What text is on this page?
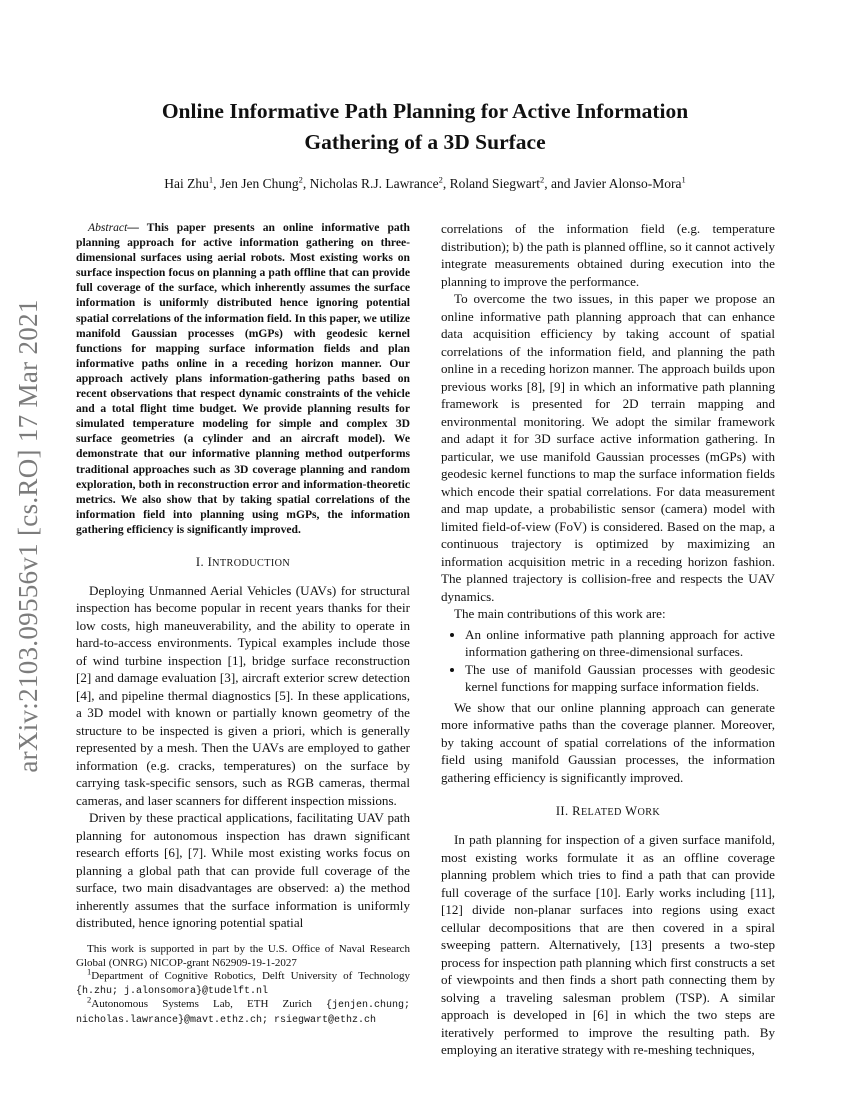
arXiv:2103.09556v1 [cs.RO] 17 Mar 2021
Online Informative Path Planning for Active Information
Gathering of a 3D Surface
Hai Zhu$^1$, Jen Jen Chung$^2$, Nicholas R.J. Lawrance$^2$, Roland Siegwart$^2$, and Javier Alonso-Mora$^1$

Abstract— This paper presents an online informative path planning approach for active information gathering on three-dimensional surfaces using aerial robots. Most existing works on surface inspection focus on planning a path offline that can provide full coverage of the surface, which inherently assumes the surface information is uniformly distributed hence ignoring potential spatial correlations of the information field. In this paper, we utilize manifold Gaussian processes (mGPs) with geodesic kernel functions for mapping surface information fields and plan informative paths online in a receding horizon manner. Our approach actively plans information-gathering paths based on recent observations that respect dynamic constraints of the vehicle and a total flight time budget. We provide planning results for simulated temperature modeling for simple and complex 3D surface geometries (a cylinder and an aircraft model). We demonstrate that our informative planning method outperforms traditional approaches such as 3D coverage planning and random exploration, both in reconstruction error and information-theoretic metrics. We also show that by taking spatial correlations of the information field into planning using mGPs, the information gathering efficiency is significantly improved.

I. INTRODUCTION

Deploying Unmanned Aerial Vehicles (UAVs) for structural inspection has become popular in recent years thanks for their low costs, high maneuverability, and the ability to operate in hard-to-access environments. Typical examples include those of wind turbine inspection [1], bridge surface reconstruction [2] and damage evaluation [3], aircraft exterior screw detection [4], and pipeline thermal diagnostics [5]. In these applications, a 3D model with known or partially known geometry of the structure to be inspected is given a priori, which is generally represented by a mesh. Then the UAVs are employed to gather information (e.g. cracks, temperatures) on the surface by carrying task-specific sensors, such as RGB cameras, thermal cameras, and laser scanners for different inspection missions.

Driven by these practical applications, facilitating UAV path planning for autonomous inspection has drawn significant research efforts [6], [7]. While most existing works focus on planning a global path that can provide full coverage of the surface, two main disadvantages are observed: a) the method inherently assumes that the surface information is uniformly distributed, hence ignoring potential spatial

This work is supported in part by the U.S. Office of Naval Research Global (ONRG) NICOP-grant N62909-19-1-2027

$^1$Department of Cognitive Robotics, Delft University of Technology {h.zhu; j.alonsomora}@tudelft.nl

$^2$Autonomous Systems Lab, ETH Zurich {jenjen.chung; nicholas.lawrance}@mavt.ethz.ch; rsiegwart@ethz.ch

correlations of the information field (e.g. temperature distribution); b) the path is planned offline, so it cannot actively integrate measurements obtained during execution into the planning to improve the performance.

To overcome the two issues, in this paper we propose an online informative path planning approach that can enhance data acquisition efficiency by taking account of spatial correlations of the information field, and planning the path online in a receding horizon manner. The approach builds upon previous works [8], [9] in which an informative path planning framework is presented for 2D terrain mapping and environmental monitoring. We adopt the similar framework and adapt it for 3D surface active information gathering. In particular, we use manifold Gaussian processes (mGPs) with geodesic kernel functions to map the surface information fields which encode their spatial correlations. For data measurement and map update, a probabilistic sensor (camera) model with limited field-of-view (FoV) is considered. Based on the map, a continuous trajectory is optimized by maximizing an information acquisition metric in a receding horizon fashion. The planned trajectory is collision-free and respects the UAV dynamics.

The main contributions of this work are:

• An online informative path planning approach for active information gathering on three-dimensional surfaces.
• The use of manifold Gaussian processes with geodesic kernel functions for mapping surface information fields.

We show that our online planning approach can generate more informative paths than the coverage planner. Moreover, by taking account of spatial correlations of the information field using manifold Gaussian processes, the information gathering efficiency is significantly improved.

II. RELATED WORK

In path planning for inspection of a given surface manifold, most existing works formulate it as an offline coverage planning problem which tries to find a path that can provide full coverage of the surface [10]. Early works including [11], [12] divide non-planar surfaces into regions using exact cellular decompositions that are then covered in a spiral sweeping pattern. Alternatively, [13] presents a two-step process for inspection path planning which first constructs a set of viewpoints and then finds a short path connecting them by solving a traveling salesman problem (TSP). A similar approach is developed in [6] in which the two steps are iteratively performed to improve the resulting path. By employing an iterative strategy with re-meshing techniques,
